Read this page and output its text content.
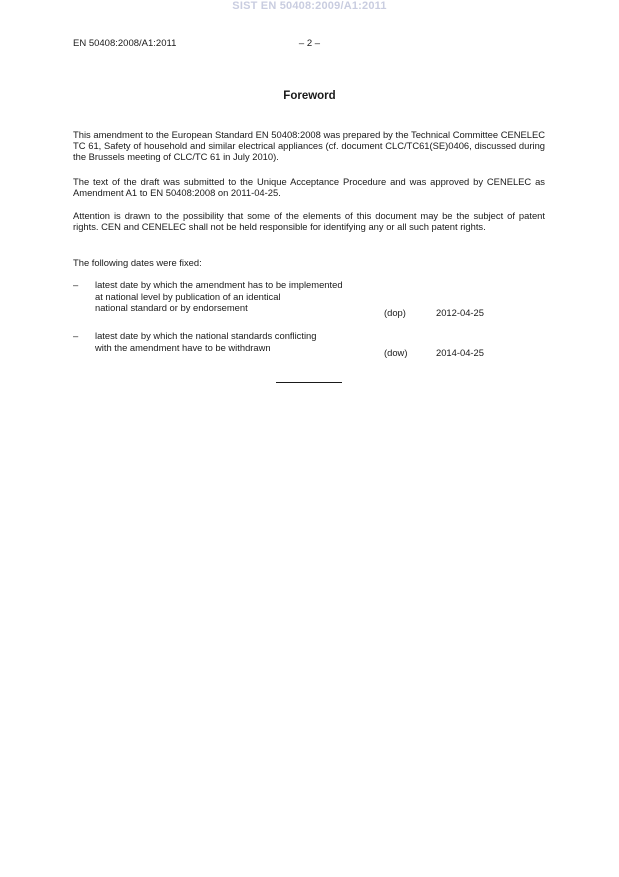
SIST EN 50408:2009/A1:2011
EN 50408:2008/A1:2011	– 2 –
Foreword

This amendment to the European Standard EN 50408:2008 was prepared by the Technical Committee CENELEC TC 61, Safety of household and similar electrical appliances (cf. document CLC/TC61(SE)0406, discussed during the Brussels meeting of CLC/TC 61 in July 2010).

The text of the draft was submitted to the Unique Acceptance Procedure and was approved by CENELEC as Amendment A1 to EN 50408:2008 on 2011-04-25.

Attention is drawn to the possibility that some of the elements of this document may be the subject of patent rights. CEN and CENELEC shall not be held responsible for identifying any or all such patent rights.

The following dates were fixed:

– latest date by which the amendment has to be implemented
at national level by publication of an identical
national standard or by endorsement	(dop)	2012-04-25
– latest date by which the national standards conflicting
with the amendment have to be withdrawn	(dow)	2014-04-25
